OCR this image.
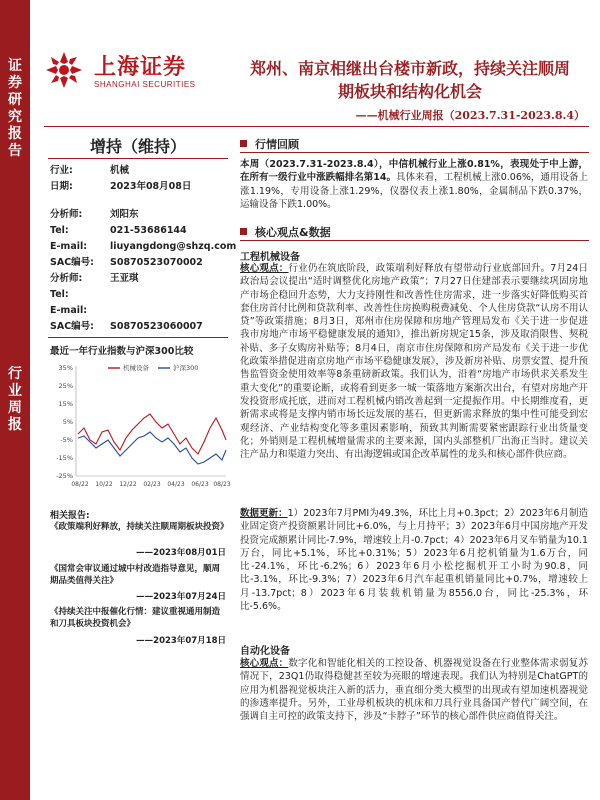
证券研究报告
行业周报
上海证券
SHANGHAI SECURITIES
郑州、南京相继出台楼市新政，持续关注顺周期板块和结构化机会
——机械行业周报（2023.7.31-2023.8.4）
增持（维持）
行业:	机械
日期:	2023年08月08日
分析师:	刘阳东
Tel:	021-53686144
E-mail: liuyangdong@shzq.com
SAC编号: S0870523070002
分析师:	王亚琪
Tel:
E-mail:
SAC编号: S0870523060007
最近一年行业指数与沪深300比较
35%
25%
15%
5%
-5%
-15%
-25%
08/22 10/22 12/22 02/23 04/23 06/23 08/23
机械设备	沪深300
相关报告:
《政策端利好释放，持续关注顺周期板块投资》
——2023年08月01日
《国常会审议通过城中村改造指导意见，顺周期品类值得关注》
——2023年07月24日
《持续关注中报催化行情：建议重视通用制造和刀具板块投资机会》
——2023年07月18日
行情回顾
本周（2023.7.31-2023.8.4），中信机械行业上涨0.81%，表现处于中上游，在所有一级行业中涨跌幅排名第14。具体来看，工程机械上涨0.06%，通用设备上涨1.19%，专用设备上涨1.29%，仪器仪表上涨1.80%，金属制品下跌0.37%，运输设备下跌1.00%。
核心观点&数据
工程机械设备
核心观点：行业仍在筑底阶段，政策端利好释放有望带动行业底部回升。7月24日政治局会议提出“适时调整优化房地产政策”；7月27日住建部表示要继续巩固房地产市场企稳回升态势，大力支持刚性和改善性住房需求，进一步落实好降低购买首套住房首付比例和贷款利率、改善性住房换购税费减免、个人住房贷款“认房不用认贷”等政策措施；8月3日，郑州市住房保障和房地产管理局发布《关于进一步促进我市房地产市场平稳健康发展的通知》，推出新房规定15条，涉及取消限售、契税补贴、多子女购房补贴等；8月4日，南京市住房保障和房产局发布《关于进一步优化政策举措促进南京房地产市场平稳健康发展》，涉及新房补贴、房票安置、提升预售监管资金使用效率等8条重磅新政策。我们认为，沿着“房地产市场供求关系发生重大变化”的重要论断，或将看到更多一城一策落地方案渐次出台，有望对房地产开发投资形成托底，进而对工程机械内销改善起到一定提振作用。中长期维度看，更新需求或将是支撑内销市场长远发展的基石，但更新需求释放的集中性可能受到宏观经济、产业结构变化等多重因素影响，预致其判断需要紧密跟踪行业出货量变化；外销则是工程机械增量需求的主要来源，国内头部整机厂出海正当时。建议关注产品力和渠道力突出、有出海逻辑或国企改革属性的龙头和核心部件供应商。
数据更新：1）2023年7月PMI为49.3%，环比上月+0.3pct；2）2023年6月制造业固定资产投资额累计同比+6.0%，与上月持平；3）2023年6月中国房地产开发投资完成额累计同比-7.9%，增速较上月-0.7pct；4）2023年6月叉车销量为10.1万台，同比+5.1%，环比+0.31%；5）2023年6月挖机销量为1.6万台，同比-24.1%，环比-6.2%；6）2023年6月小松挖掘机开工小时为90.8，同比-3.1%，环比-9.3%；7）2023年6月汽车起重机销量同比+0.7%，增速较上月-13.7pct；8）2023年6月装载机销量为8556.0台，同比-25.3%，环比-5.6%。
自动化设备
核心观点：数字化和智能化相关的工控设备、机器视觉设备在行业整体需求弱复苏情况下，23Q1仍取得稳健甚至较为亮眼的增速表现。我们认为特别是ChatGPT的应用为机器视觉板块注入新的活力，垂直细分类大模型的出现或有望加速机器视觉的渗透率提升。另外，工业母机板块的机床和刀具行业具备国产替代广阔空间，在强调自主可控的政策支持下，涉及“卡脖子”环节的核心部件供应商值得关注。
